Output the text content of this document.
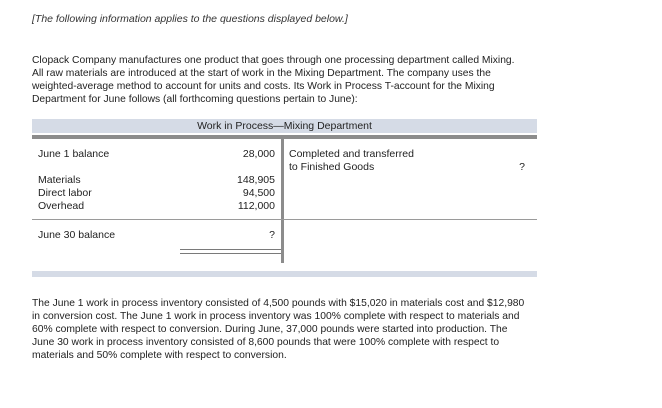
[The following information applies to the questions displayed below.]
Clopack Company manufactures one product that goes through one processing department called Mixing.
All raw materials are introduced at the start of work in the Mixing Department. The company uses the
weighted-average method to account for units and costs. Its Work in Process T-account for the Mixing
Department for June follows (all forthcoming questions pertain to June):
Work in Process—Mixing Department
June 1 balance	28,000
Materials	148,905
Direct labor	94,500
Overhead	112,000
June 30 balance	?
Completed and transferred
to Finished Goods	?
The June 1 work in process inventory consisted of 4,500 pounds with $15,020 in materials cost and $12,980
in conversion cost. The June 1 work in process inventory was 100% complete with respect to materials and
60% complete with respect to conversion. During June, 37,000 pounds were started into production. The
June 30 work in process inventory consisted of 8,600 pounds that were 100% complete with respect to
materials and 50% complete with respect to conversion.
